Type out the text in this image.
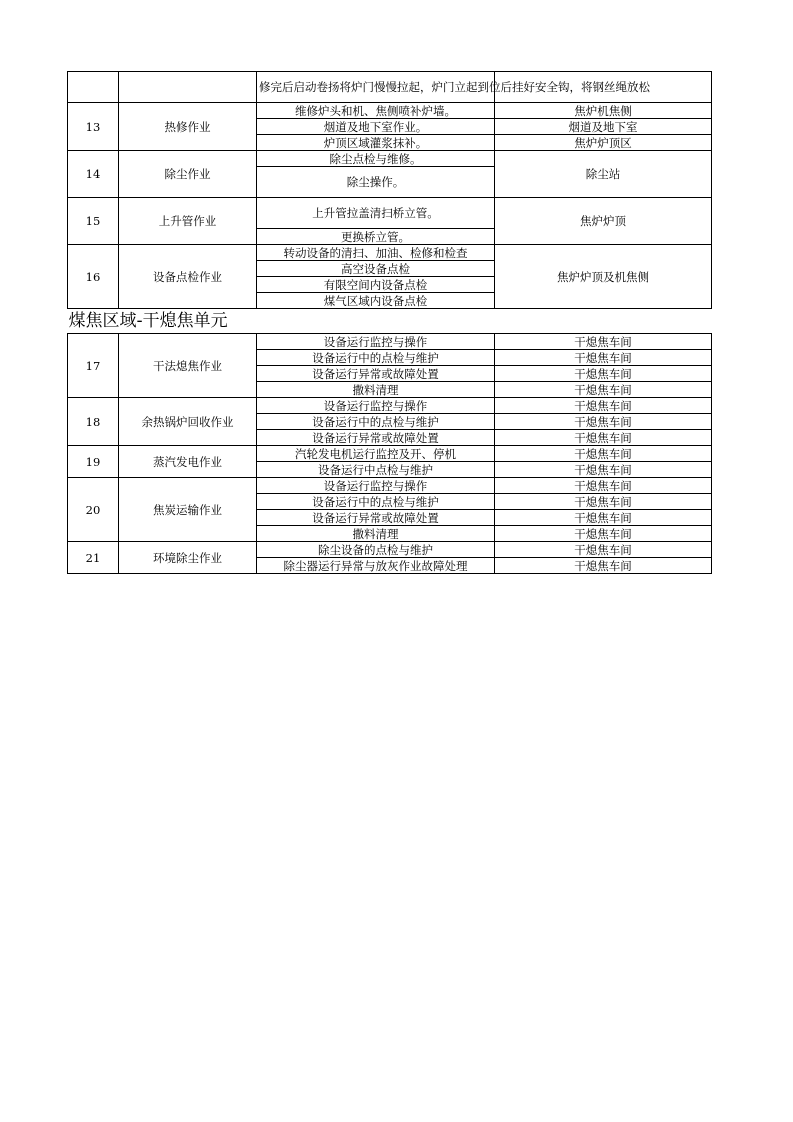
		修完后启动卷扬将炉门慢慢拉起，炉门立起到位后挂好安全钩，将钢丝绳放松	
13	热修作业	维修炉头和机、焦侧喷补炉墙。	焦炉机焦侧
		烟道及地下室作业。	烟道及地下室
		炉顶区域灌浆抹补。	焦炉炉顶区
14	除尘作业	除尘点检与维修。	除尘站
		除尘操作。	
15	上升管作业	上升管拉盖清扫桥立管。	焦炉炉顶
		更换桥立管。	
16	设备点检作业	转动设备的清扫、加油、检修和检查	焦炉炉顶及机焦侧
		高空设备点检	
		有限空间内设备点检	
		煤气区域内设备点检	
煤焦区域-干熄焦单元			
17	干法熄焦作业	设备运行监控与操作	干熄焦车间
		设备运行中的点检与维护	干熄焦车间
		设备运行异常或故障处置	干熄焦车间
		撒料清理	干熄焦车间
18	余热锅炉回收作业	设备运行监控与操作	干熄焦车间
		设备运行中的点检与维护	干熄焦车间
		设备运行异常或故障处置	干熄焦车间
19	蒸汽发电作业	汽轮发电机运行监控及开、停机	干熄焦车间
		设备运行中点检与维护	干熄焦车间
20	焦炭运输作业	设备运行监控与操作	干熄焦车间
		设备运行中的点检与维护	干熄焦车间
		设备运行异常或故障处置	干熄焦车间
		撒料清理	干熄焦车间
21	环境除尘作业	除尘设备的点检与维护	干熄焦车间
		除尘器运行异常与放灰作业故障处理	干熄焦车间
